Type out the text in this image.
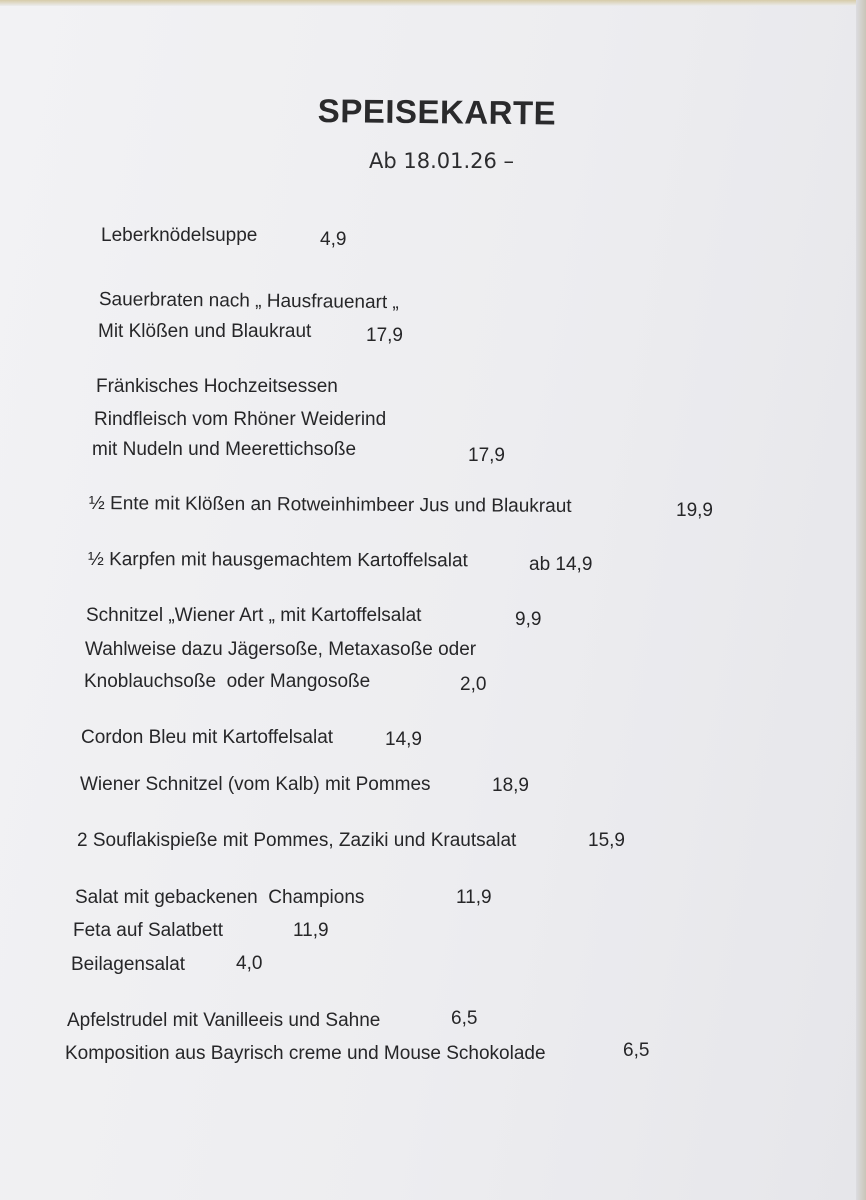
SPEISEKARTE
Ab 18.01.26 –
Leberknödelsuppe	4,9
Sauerbraten nach „ Hausfrauenart „
Mit Klößen und Blaukraut	17,9
Fränkisches Hochzeitsessen
Rindfleisch vom Rhöner Weiderind
mit Nudeln und Meerettichsoße	17,9
½ Ente mit Klößen an Rotweinhimbeer Jus und Blaukraut	19,9
½ Karpfen mit hausgemachtem Kartoffelsalat	ab 14,9
Schnitzel „Wiener Art „ mit Kartoffelsalat	9,9
Wahlweise dazu Jägersoße, Metaxasoße oder
Knoblauchsoße  oder Mangosoße	2,0
Cordon Bleu mit Kartoffelsalat	14,9
Wiener Schnitzel (vom Kalb) mit Pommes	18,9
2 Souflakispieße mit Pommes, Zaziki und Krautsalat	15,9
Salat mit gebackenen  Champions	11,9
Feta auf Salatbett	11,9
Beilagensalat	4,0
Apfelstrudel mit Vanilleeis und Sahne	6,5
Komposition aus Bayrisch creme und Mouse Schokolade	6,5
